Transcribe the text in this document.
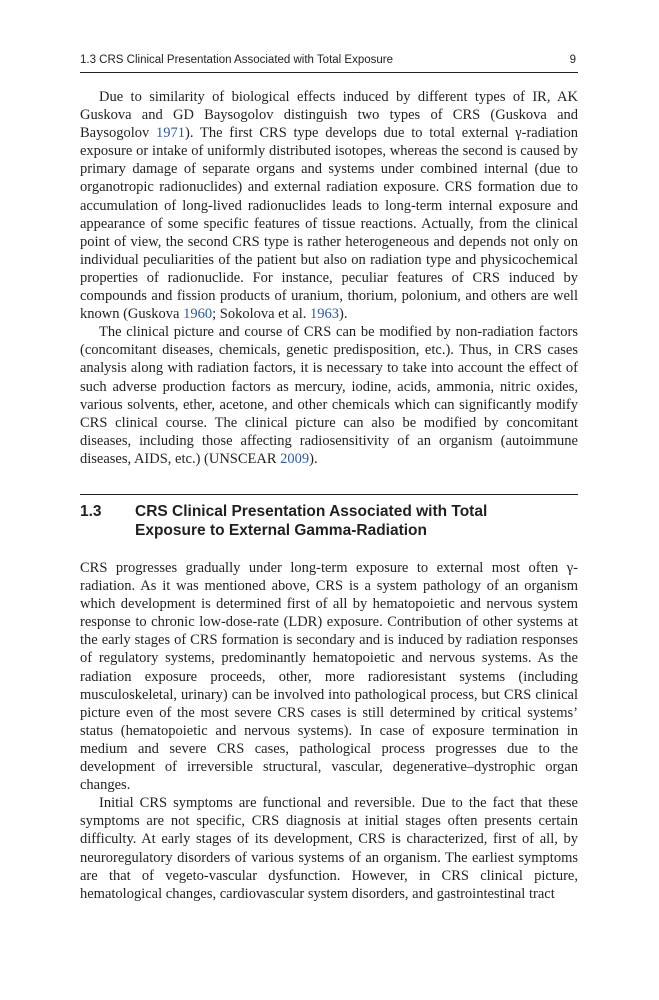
1.3 CRS Clinical Presentation Associated with Total Exposure	9

Due to similarity of biological effects induced by different types of IR, AK Guskova and GD Baysogolov distinguish two types of CRS (Guskova and Baysogolov 1971). The first CRS type develops due to total external γ-radiation exposure or intake of uniformly distributed isotopes, whereas the second is caused by primary damage of separate organs and systems under combined internal (due to organotropic radionuclides) and external radiation exposure. CRS formation due to accumulation of long-lived radionuclides leads to long-term internal exposure and appearance of some specific features of tissue reactions. Actually, from the clinical point of view, the second CRS type is rather heterogeneous and depends not only on individual peculiarities of the patient but also on radiation type and physicochemical properties of radionuclide. For instance, peculiar features of CRS induced by compounds and fission products of uranium, thorium, polonium, and others are well known (Guskova 1960; Sokolova et al. 1963).

The clinical picture and course of CRS can be modified by non-radiation factors (concomitant diseases, chemicals, genetic predisposition, etc.). Thus, in CRS cases analysis along with radiation factors, it is necessary to take into account the effect of such adverse production factors as mercury, iodine, acids, ammonia, nitric oxides, various solvents, ether, acetone, and other chemicals which can significantly modify CRS clinical course. The clinical picture can also be modified by concomitant diseases, including those affecting radiosensitivity of an organism (autoimmune diseases, AIDS, etc.) (UNSCEAR 2009).

1.3 CRS Clinical Presentation Associated with Total Exposure to External Gamma-Radiation

CRS progresses gradually under long-term exposure to external most often γ-radiation. As it was mentioned above, CRS is a system pathology of an organism which development is determined first of all by hematopoietic and nervous system response to chronic low-dose-rate (LDR) exposure. Contribution of other systems at the early stages of CRS formation is secondary and is induced by radiation responses of regulatory systems, predominantly hematopoietic and nervous systems. As the radiation exposure proceeds, other, more radioresistant systems (including musculoskeletal, urinary) can be involved into pathological process, but CRS clinical picture even of the most severe CRS cases is still determined by critical systems’ status (hematopoietic and nervous systems). In case of exposure termination in medium and severe CRS cases, pathological process progresses due to the development of irreversible structural, vascular, degenerative–dystrophic organ changes.

Initial CRS symptoms are functional and reversible. Due to the fact that these symptoms are not specific, CRS diagnosis at initial stages often presents certain difficulty. At early stages of its development, CRS is characterized, first of all, by neuroregulatory disorders of various systems of an organism. The earliest symptoms are that of vegeto-vascular dysfunction. However, in CRS clinical picture, hematological changes, cardiovascular system disorders, and gastrointestinal tract
